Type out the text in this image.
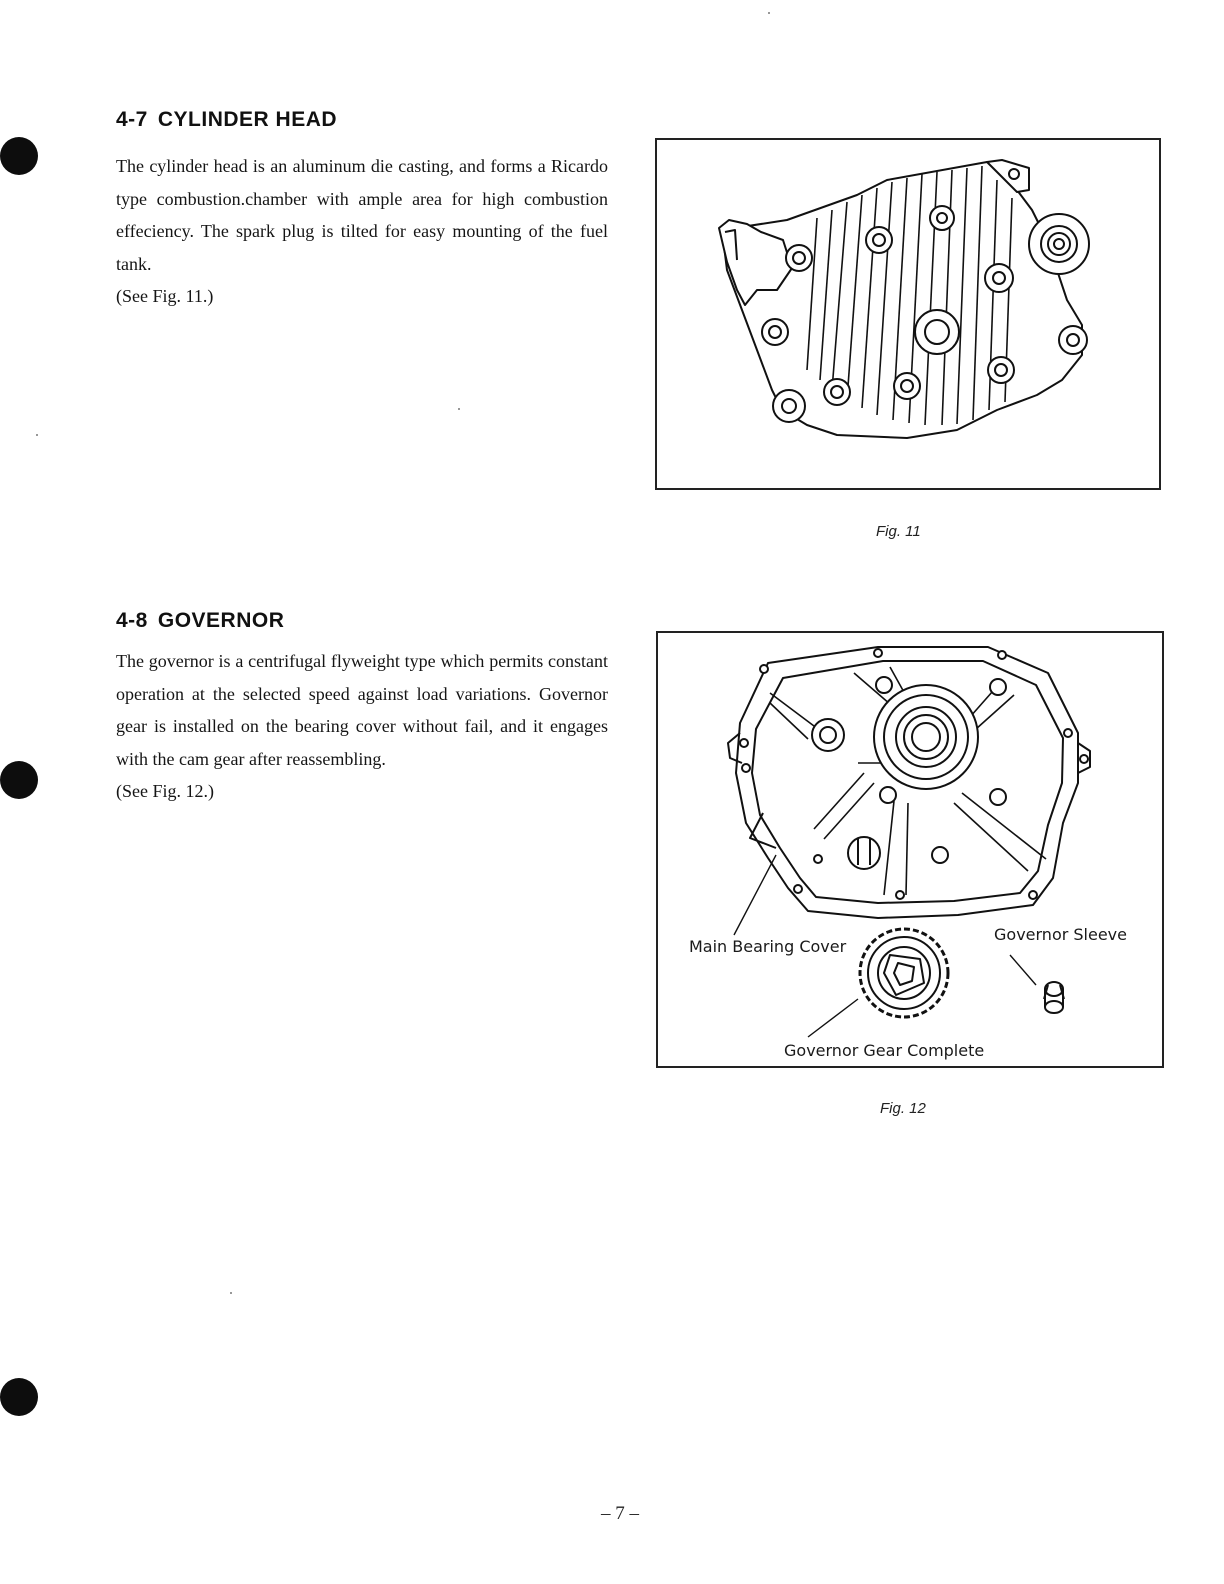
4-7 CYLINDER HEAD

The cylinder head is an aluminum die casting, and forms a Ricardo type combustion.chamber with ample area for high combustion effeciency. The spark plug is tilted for easy mounting of the fuel tank.
(See Fig. 11.)

Fig. 11
4-8 GOVERNOR

The governor is a centrifugal flyweight type which permits constant operation at the selected speed against load variations. Governor gear is installed on the bearing cover without fail, and it engages with the cam gear after reassembling.
(See Fig. 12.)

Main Bearing Cover
Governor Sleeve
Governor Gear Complete
Fig. 12
– 7 –
